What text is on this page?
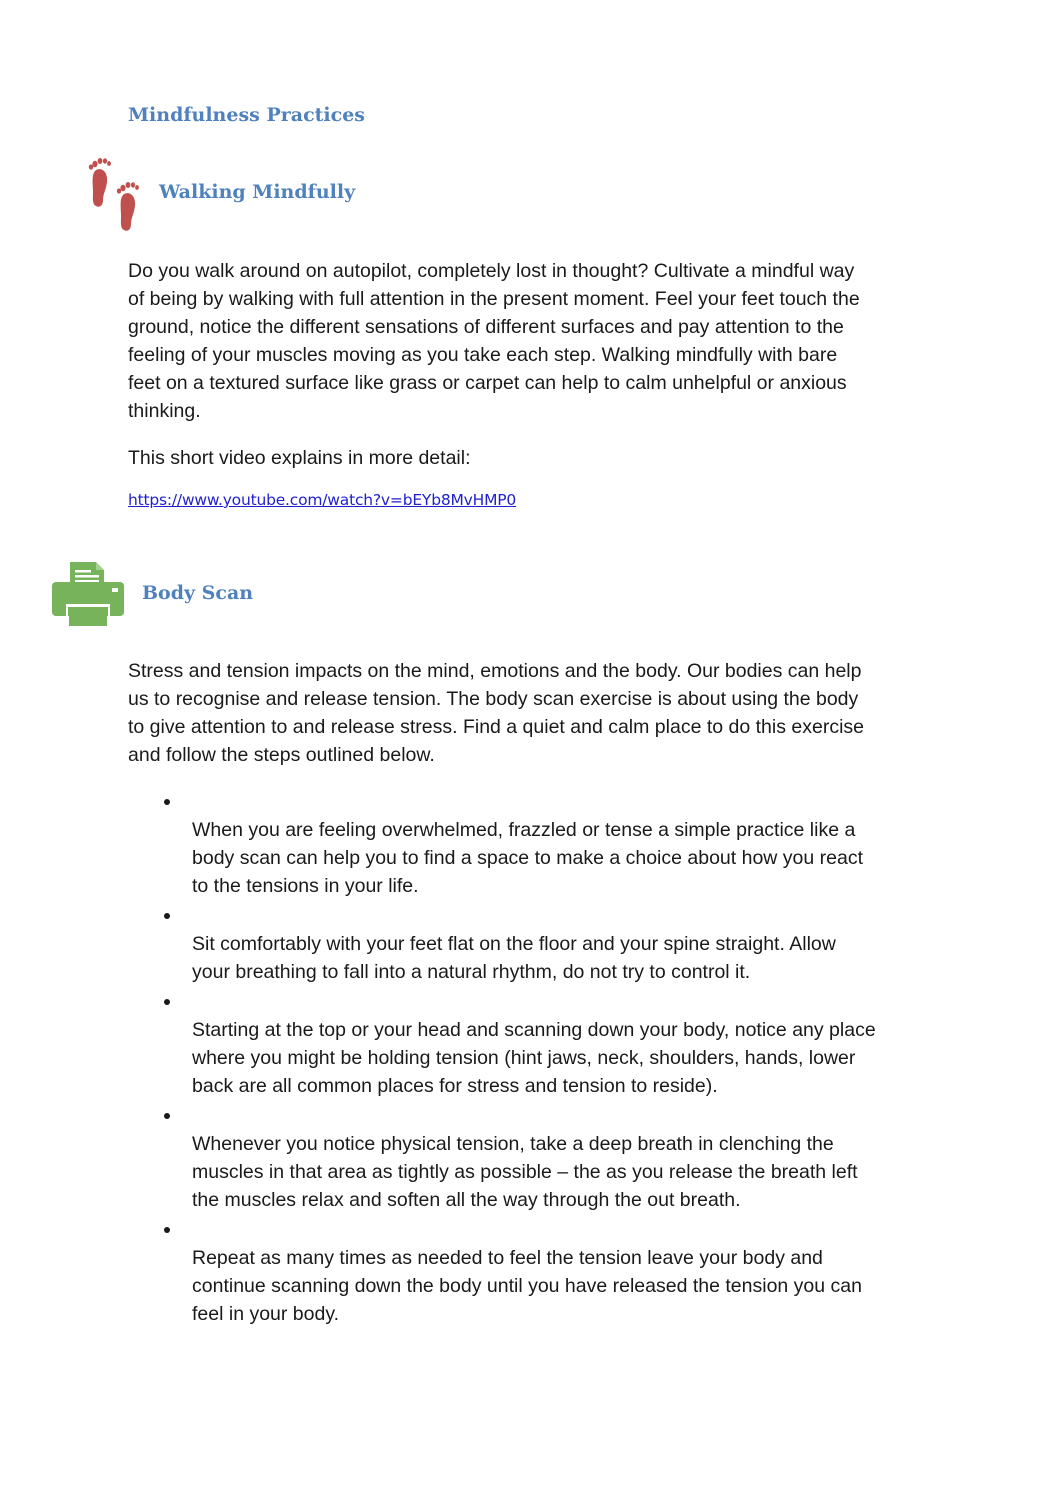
Mindfulness Practices
Walking Mindfully

Do you walk around on autopilot, completely lost in thought? Cultivate a mindful way
of being by walking with full attention in the present moment. Feel your feet touch the
ground, notice the different sensations of different surfaces and pay attention to the
feeling of your muscles moving as you take each step. Walking mindfully with bare
feet on a textured surface like grass or carpet can help to calm unhelpful or anxious
thinking.

This short video explains in more detail:

https://www.youtube.com/watch?v=bEYb8MvHMP0
Body Scan

Stress and tension impacts on the mind, emotions and the body. Our bodies can help
us to recognise and release tension. The body scan exercise is about using the body
to give attention to and release stress. Find a quiet and calm place to do this exercise
and follow the steps outlined below.

When you are feeling overwhelmed, frazzled or tense a simple practice like a
body scan can help you to find a space to make a choice about how you react
to the tensions in your life.

Sit comfortably with your feet flat on the floor and your spine straight. Allow
your breathing to fall into a natural rhythm, do not try to control it.

Starting at the top or your head and scanning down your body, notice any place
where you might be holding tension (hint jaws, neck, shoulders, hands, lower
back are all common places for stress and tension to reside).

Whenever you notice physical tension, take a deep breath in clenching the
muscles in that area as tightly as possible – the as you release the breath left
the muscles relax and soften all the way through the out breath.

Repeat as many times as needed to feel the tension leave your body and
continue scanning down the body until you have released the tension you can
feel in your body.
